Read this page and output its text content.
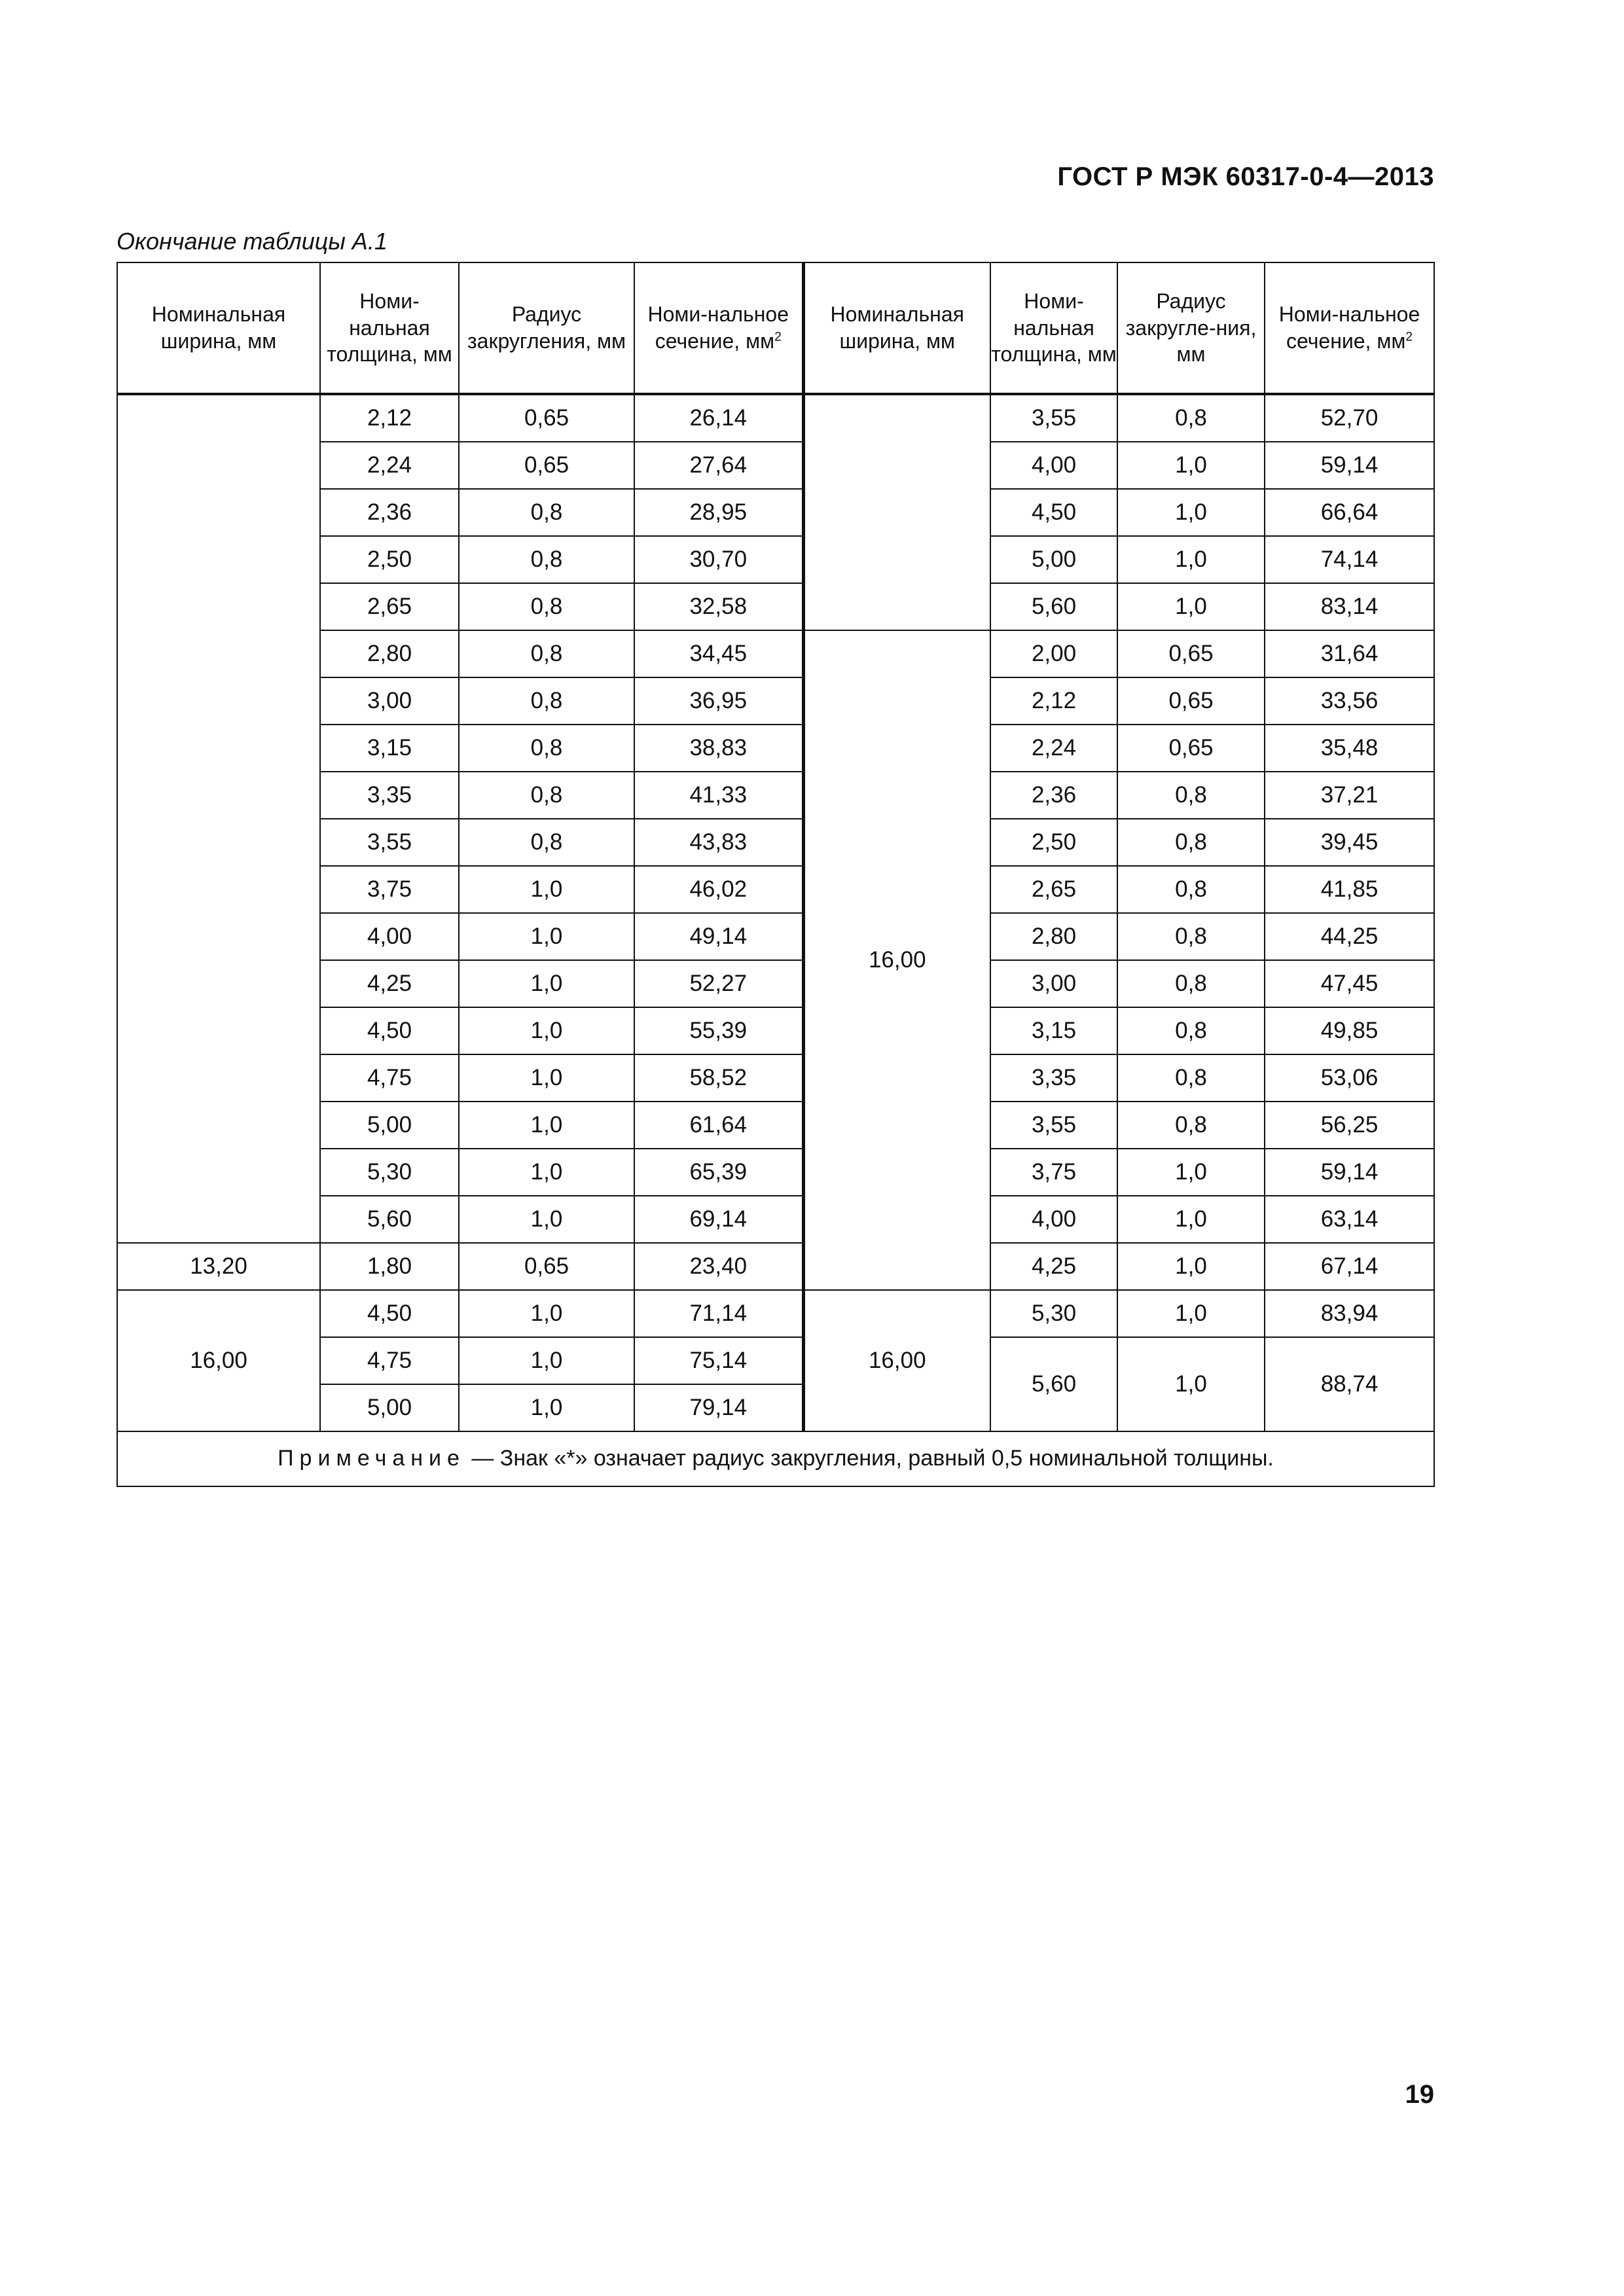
ГОСТ Р МЭК 60317-0-4—2013
Окончание таблицы А.1
Номинальная ширина, мм	Номи-нальная толщина, мм	Радиус закругления, мм	Номи-нальное сечение, $мм^2$	Номинальная ширина, мм	Номи-нальная толщина, мм	Радиус закругле-ния, мм	Номи-нальное сечение, $мм^2$
	2,12	0,65	26,14		3,55	0,8	52,70
	2,24	0,65	27,64		4,00	1,0	59,14
	2,36	0,8	28,95		4,50	1,0	66,64
	2,50	0,8	30,70		5,00	1,0	74,14
	2,65	0,8	32,58		5,60	1,0	83,14
	2,80	0,8	34,45	16,00	2,00	0,65	31,64
	3,00	0,8	36,95		2,12	0,65	33,56
	3,15	0,8	38,83		2,24	0,65	35,48
	3,35	0,8	41,33		2,36	0,8	37,21
	3,55	0,8	43,83		2,50	0,8	39,45
	3,75	1,0	46,02		2,65	0,8	41,85
	4,00	1,0	49,14		2,80	0,8	44,25
	4,25	1,0	52,27		3,00	0,8	47,45
	4,50	1,0	55,39		3,15	0,8	49,85
	4,75	1,0	58,52		3,35	0,8	53,06
	5,00	1,0	61,64		3,55	0,8	56,25
	5,30	1,0	65,39		3,75	1,0	59,14
	5,60	1,0	69,14		4,00	1,0	63,14
13,20	1,80	0,65	23,40		4,25	1,0	67,14
16,00	4,50	1,0	71,14	16,00	5,30	1,0	83,94
	4,75	1,0	75,14		5,60	1,0	88,74
	5,00	1,0	79,14				
Примечание — Знак «*» означает радиус закругления, равный 0,5 номинальной толщины.							
19
